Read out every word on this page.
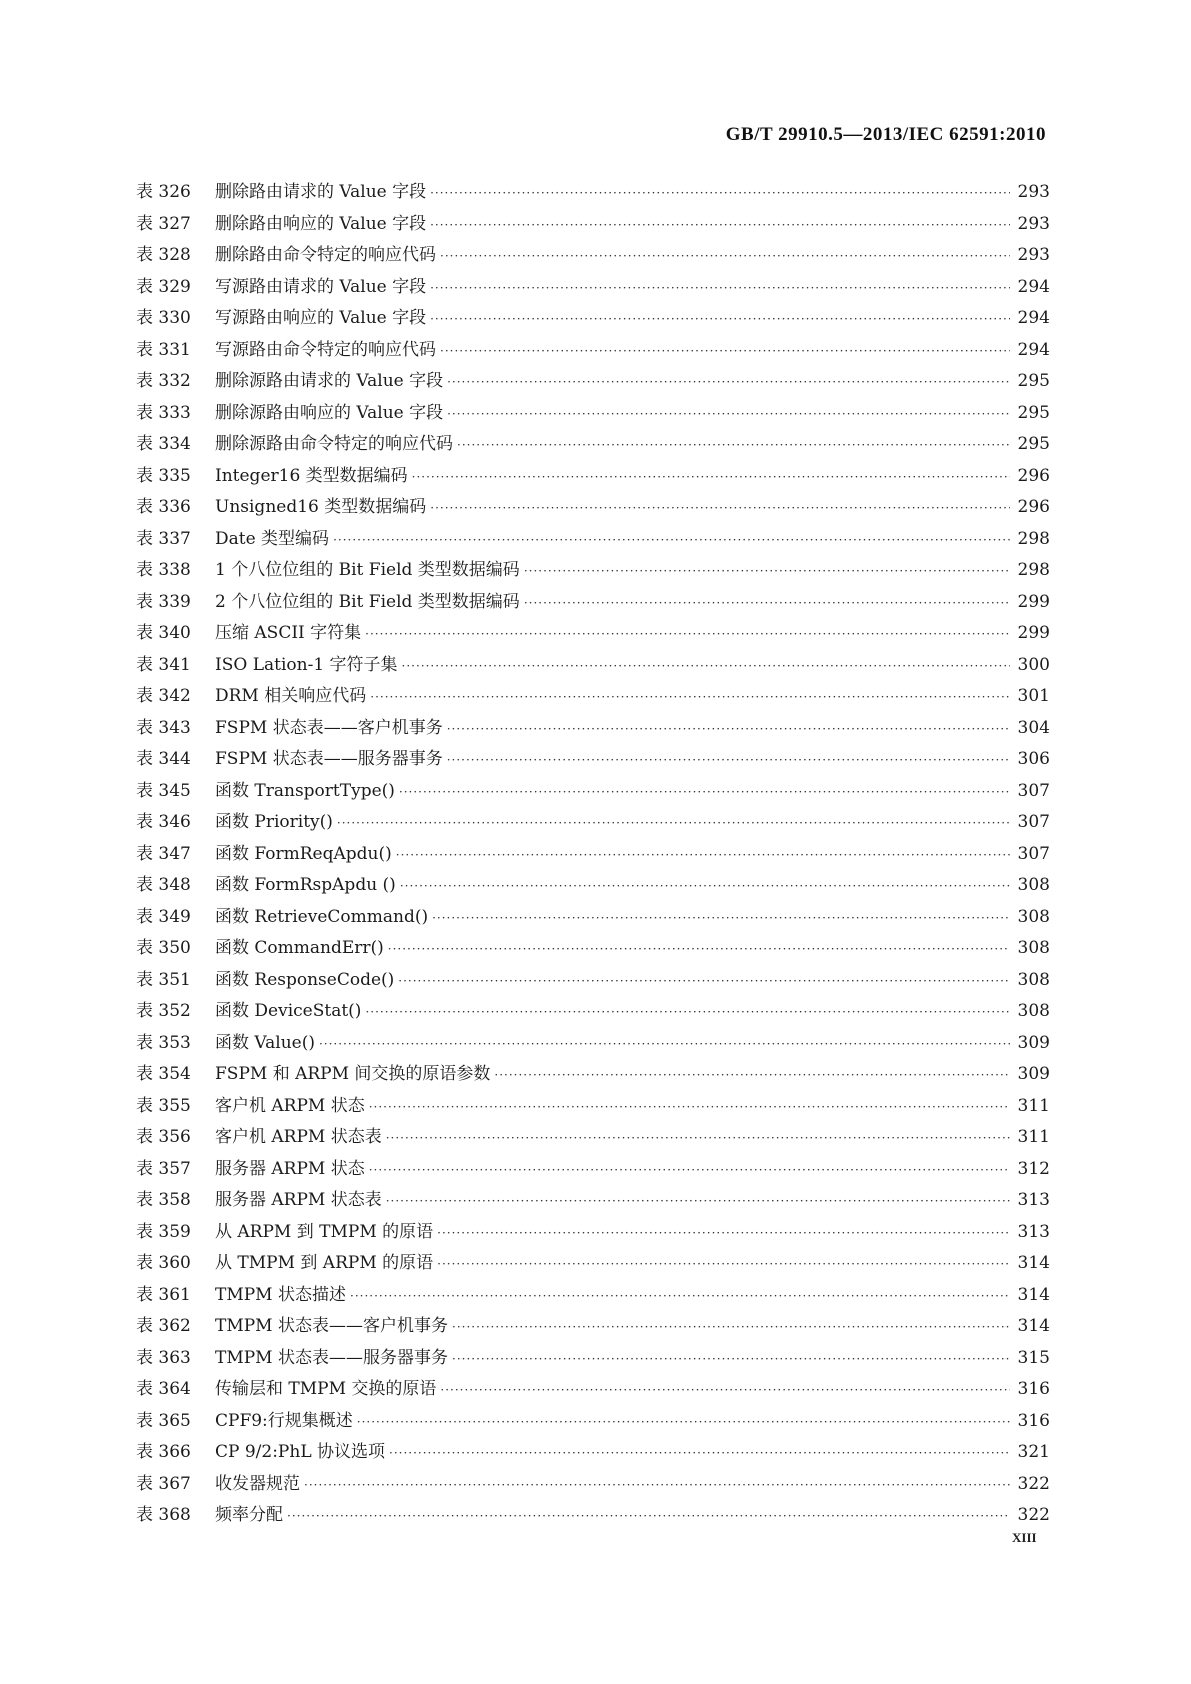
GB/T 29910.5—2013/IEC 62591:2010
表 326	删除路由请求的 Value 字段 ·····	293
表 327	删除路由响应的 Value 字段 ·····	293
表 328	删除路由命令特定的响应代码 ·····	293
表 329	写源路由请求的 Value 字段 ·····	294
表 330	写源路由响应的 Value 字段 ·····	294
表 331	写源路由命令特定的响应代码 ·····	294
表 332	删除源路由请求的 Value 字段 ·····	295
表 333	删除源路由响应的 Value 字段 ·····	295
表 334	删除源路由命令特定的响应代码 ·····	295
表 335	Integer16 类型数据编码 ·····	296
表 336	Unsigned16 类型数据编码 ·····	296
表 337	Date 类型编码 ·····	298
表 338	1 个八位位组的 Bit Field 类型数据编码 ·····	298
表 339	2 个八位位组的 Bit Field 类型数据编码 ·····	299
表 340	压缩 ASCII 字符集 ·····	299
表 341	ISO Lation-1 字符子集 ·····	300
表 342	DRM 相关响应代码 ·····	301
表 343	FSPM 状态表——客户机事务 ·····	304
表 344	FSPM 状态表——服务器事务 ·····	306
表 345	函数 TransportType() ·····	307
表 346	函数 Priority() ·····	307
表 347	函数 FormReqApdu() ·····	307
表 348	函数 FormRspApdu () ·····	308
表 349	函数 RetrieveCommand() ·····	308
表 350	函数 CommandErr() ·····	308
表 351	函数 ResponseCode() ·····	308
表 352	函数 DeviceStat() ·····	308
表 353	函数 Value() ·····	309
表 354	FSPM 和 ARPM 间交换的原语参数 ·····	309
表 355	客户机 ARPM 状态 ·····	311
表 356	客户机 ARPM 状态表 ·····	311
表 357	服务器 ARPM 状态 ·····	312
表 358	服务器 ARPM 状态表 ·····	313
表 359	从 ARPM 到 TMPM 的原语 ·····	313
表 360	从 TMPM 到 ARPM 的原语 ·····	314
表 361	TMPM 状态描述 ·····	314
表 362	TMPM 状态表——客户机事务 ·····	314
表 363	TMPM 状态表——服务器事务 ·····	315
表 364	传输层和 TMPM 交换的原语 ·····	316
表 365	CPF9:行规集概述 ·····	316
表 366	CP 9/2:PhL 协议选项 ·····	321
表 367	收发器规范 ·····	322
表 368	频率分配 ·····	322
XIII
